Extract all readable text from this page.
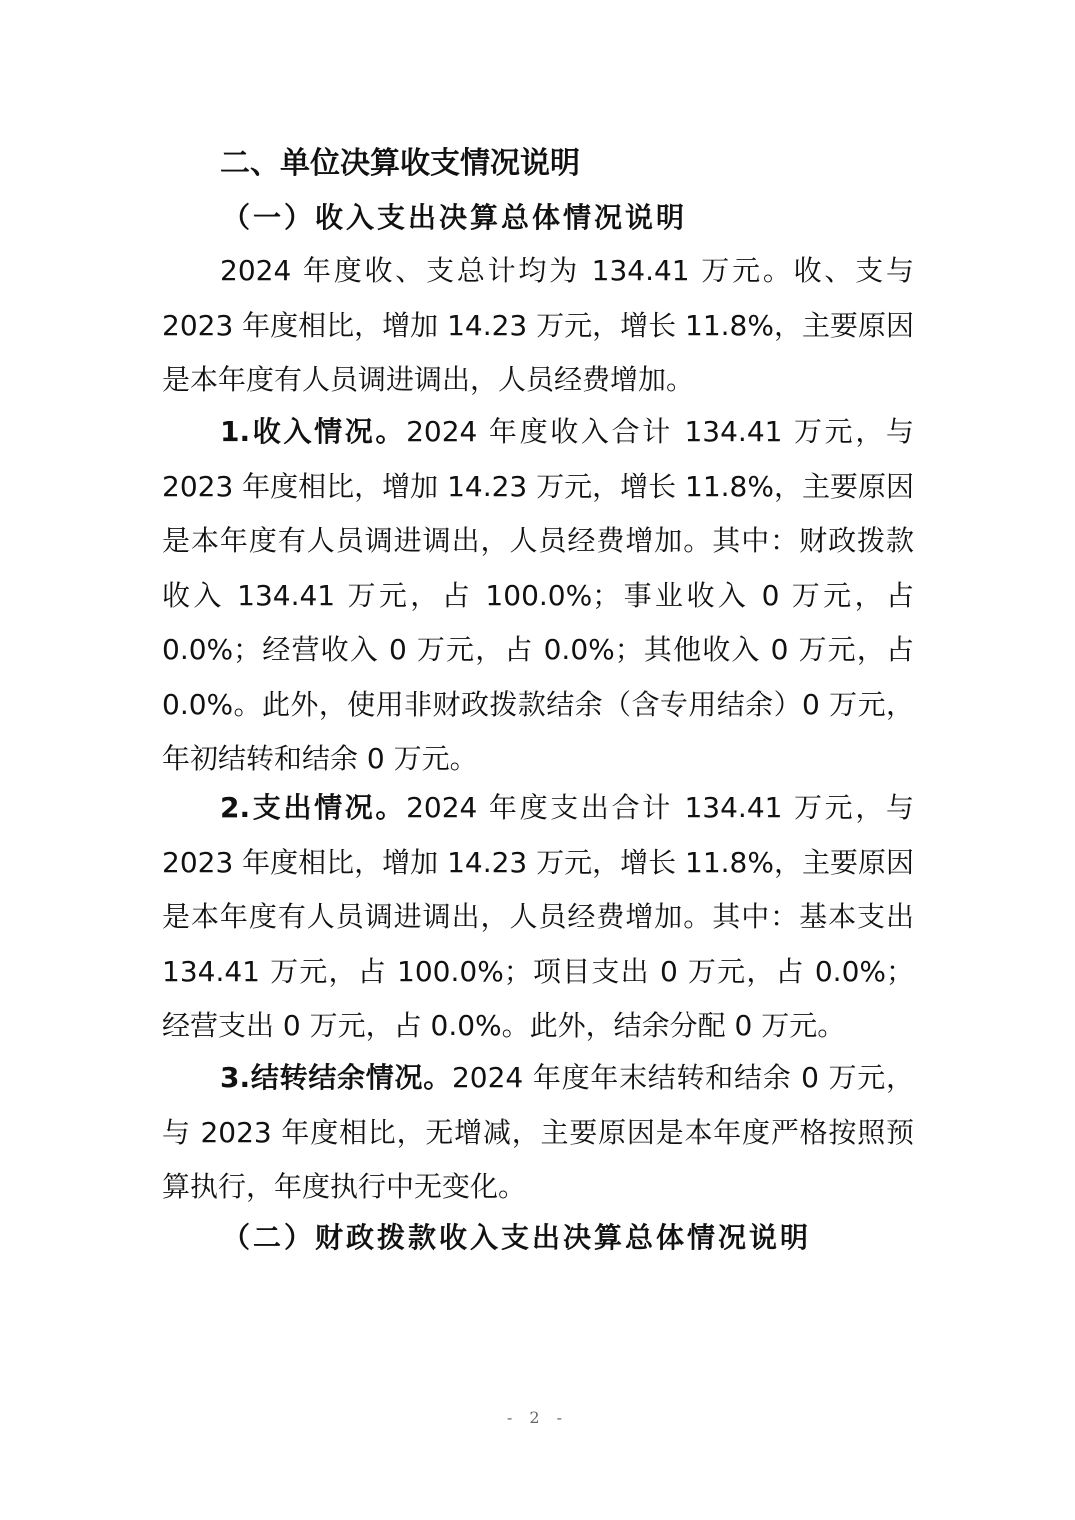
二、单位决算收支情况说明
（一）收入支出决算总体情况说明
2024 年度收、支总计均为 134.41 万元。收、支与 2023 年度相比，增加 14.23 万元，增长 11.8%，主要原因是本年度有人员调进调出，人员经费增加。
1.收入情况。2024 年度收入合计 134.41 万元，与 2023 年度相比，增加 14.23 万元，增长 11.8%，主要原因是本年度有人员调进调出，人员经费增加。其中：财政拨款收入 134.41 万元，占 100.0%；事业收入 0 万元，占 0.0%；经营收入 0 万元，占 0.0%；其他收入 0 万元，占 0.0%。此外，使用非财政拨款结余（含专用结余）0 万元，年初结转和结余 0 万元。
2.支出情况。2024 年度支出合计 134.41 万元，与 2023 年度相比，增加 14.23 万元，增长 11.8%，主要原因是本年度有人员调进调出，人员经费增加。其中：基本支出 134.41 万元，占 100.0%；项目支出 0 万元，占 0.0%；经营支出 0 万元，占 0.0%。此外，结余分配 0 万元。
3.结转结余情况。2024 年度年末结转和结余 0 万元，与 2023 年度相比，无增减，主要原因是本年度严格按照预算执行，年度执行中无变化。
（二）财政拨款收入支出决算总体情况说明
- 2 -
